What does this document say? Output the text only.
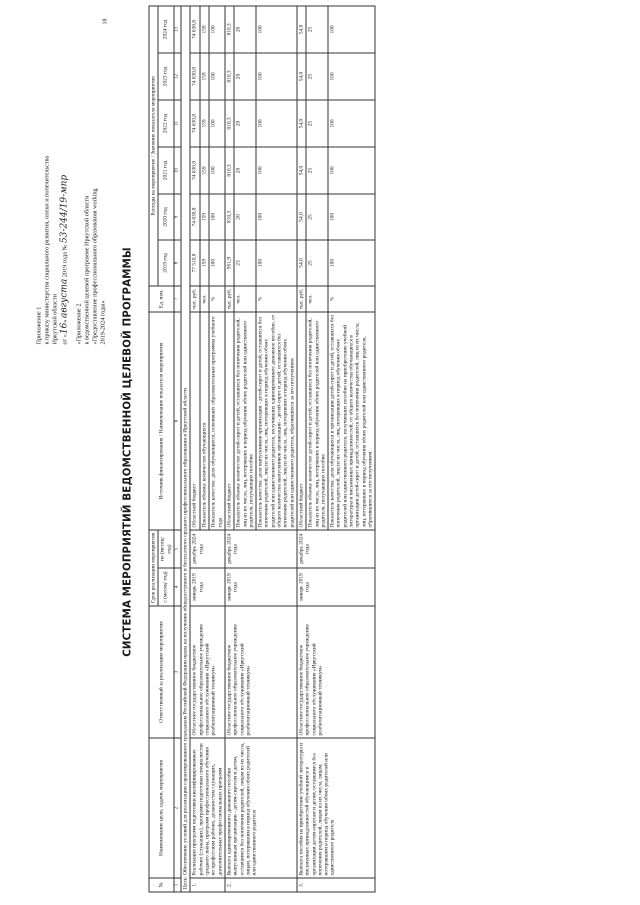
Приложение 1 к приказу министерства социального развития, опеки и попечительства Иркутской области от «16» августа 2019 года № 53-244/19-мпр
«Приложение 2 к ведомственной целевой программе Иркутской области «Предоставление профессионального образования working 2019-2024 годы»
18
СИСТЕМА МЕРОПРИЯТИЙ ВЕДОМСТВЕННОЙ ЦЕЛЕВОЙ ПРОГРАММЫ
№	Наименование цели, задачи, мероприятия	Ответственный за реализацию мероприятия	Срок реализации мероприятия		Источник финансирования / Наименование показателя мероприятия	Ед. изм.	Расходы на мероприятие / Значение показателя мероприятия					
			с (месяц/ год)	по (месяц/ год)			2019 год	2020 год	2021 год	2022 год	2023 год	2024 год
1	2	3	4	5	6	7	8	9	10	11	12	13
Цель: Обеспечение условий для реализации гарантированного гражданам Российской Федерации права на получение общедоступного и бесплатного среднего профессионального образования в Иркутской области												
1.	Реализация программ подготовки квалифицированных рабочих (служащих), программ подготовки специалистов среднего звена, программ профессионального обучения по профессиям рабочих, должностям служащих, дополнительных профессиональных программ	Областное государственное бюджетное профессиональное образовательное учреждение социального обслуживания «Иркутский реабилитационный техникум»	январь 2019 года	декабрь 2024 года	Областной бюджет	тыс. руб.	77 510,8	74 630,8	74 630,8	74 630,8	74 630,8	74 630,8
					Показатель объема: количество обучающихся	чел.	159	159	159	159	159	159
					Показатель качества: доля обучающихся, освоивших образовательные программы учебного года	%	100	100	100	100	100	100
2.	Выплата единовременного денежного пособия выпускникам организации - детям-сиротам и детям, оставшимся без попечения родителей, лицам из их числа, лицам, потерявшим в период обучения обоих родителей или единственного родителя	Областное государственное бюджетное профессиональное образовательное учреждение социального обслуживания «Иркутский реабилитационный техникум»	январь 2019 года	декабрь 2024 года	Областной бюджет	тыс. руб.	951,9	810,3	810,3	810,3	810,3	810,3
					Показатель объема: количество детей-сирот и детей, оставшихся без попечения родителей, лиц из их числа, лиц, потерявших в период обучения обоих родителей или единственного родителя, получающих пособие	чел.	23	20	20	20	20	20
					Показатель качества: доля выпускников организации - детей-сирот и детей, оставшихся без попечения родителей, лиц из их числа, лиц, потерявших в период обучения обоих родителей или единственного родителя, получивших единовременное денежное пособие, от общего количества выпускников организации - детей-сирот и детей, оставшихся без попечения родителей, лиц из их числа, лиц, потерявших в период обучения обоих родителей или единственного родителя, обратившихся за его получением	%	100	100	100	100	100	100
3.	Выплата пособия на приобретение учебной литературы и письменных принадлежностей обучающимся в организации детям-сиротам и детям, оставшимся без попечения родителей, лицам из их числа, лицам, потерявшим в период обучения обоих родителей или единственного родителя	Областное государственное бюджетное профессиональное образовательное учреждение социального обслуживания «Иркутский реабилитационный техникум»	январь 2019 года	декабрь 2024 года	Областной бюджет	тыс. руб.	54,0	54,0	54,0	54,0	54,0	54,0
					Показатель объема: количество детей-сирот и детей, оставшихся без попечения родителей, лиц из их числа, лиц, потерявших в период обучения обоих родителей или единственного родителя, получающих пособие	чел.	25	25	25	25	25	25
					Показатель качества: доля обучающихся в организации детей-сирот и детей, оставшихся без попечения родителей, лиц из их числа, лиц, потерявших в период обучения обоих родителей или единственного родителя, получивших пособие на приобретение учебной литературы и письменных принадлежностей, от общего количества обучающихся в организации детей-сирот и детей, оставшихся без попечения родителей, лиц из их числа, лиц, потерявших в период обучения обоих родителей или единственного родителя, обратившихся за его получением	%	100	100	100	100	100	100
